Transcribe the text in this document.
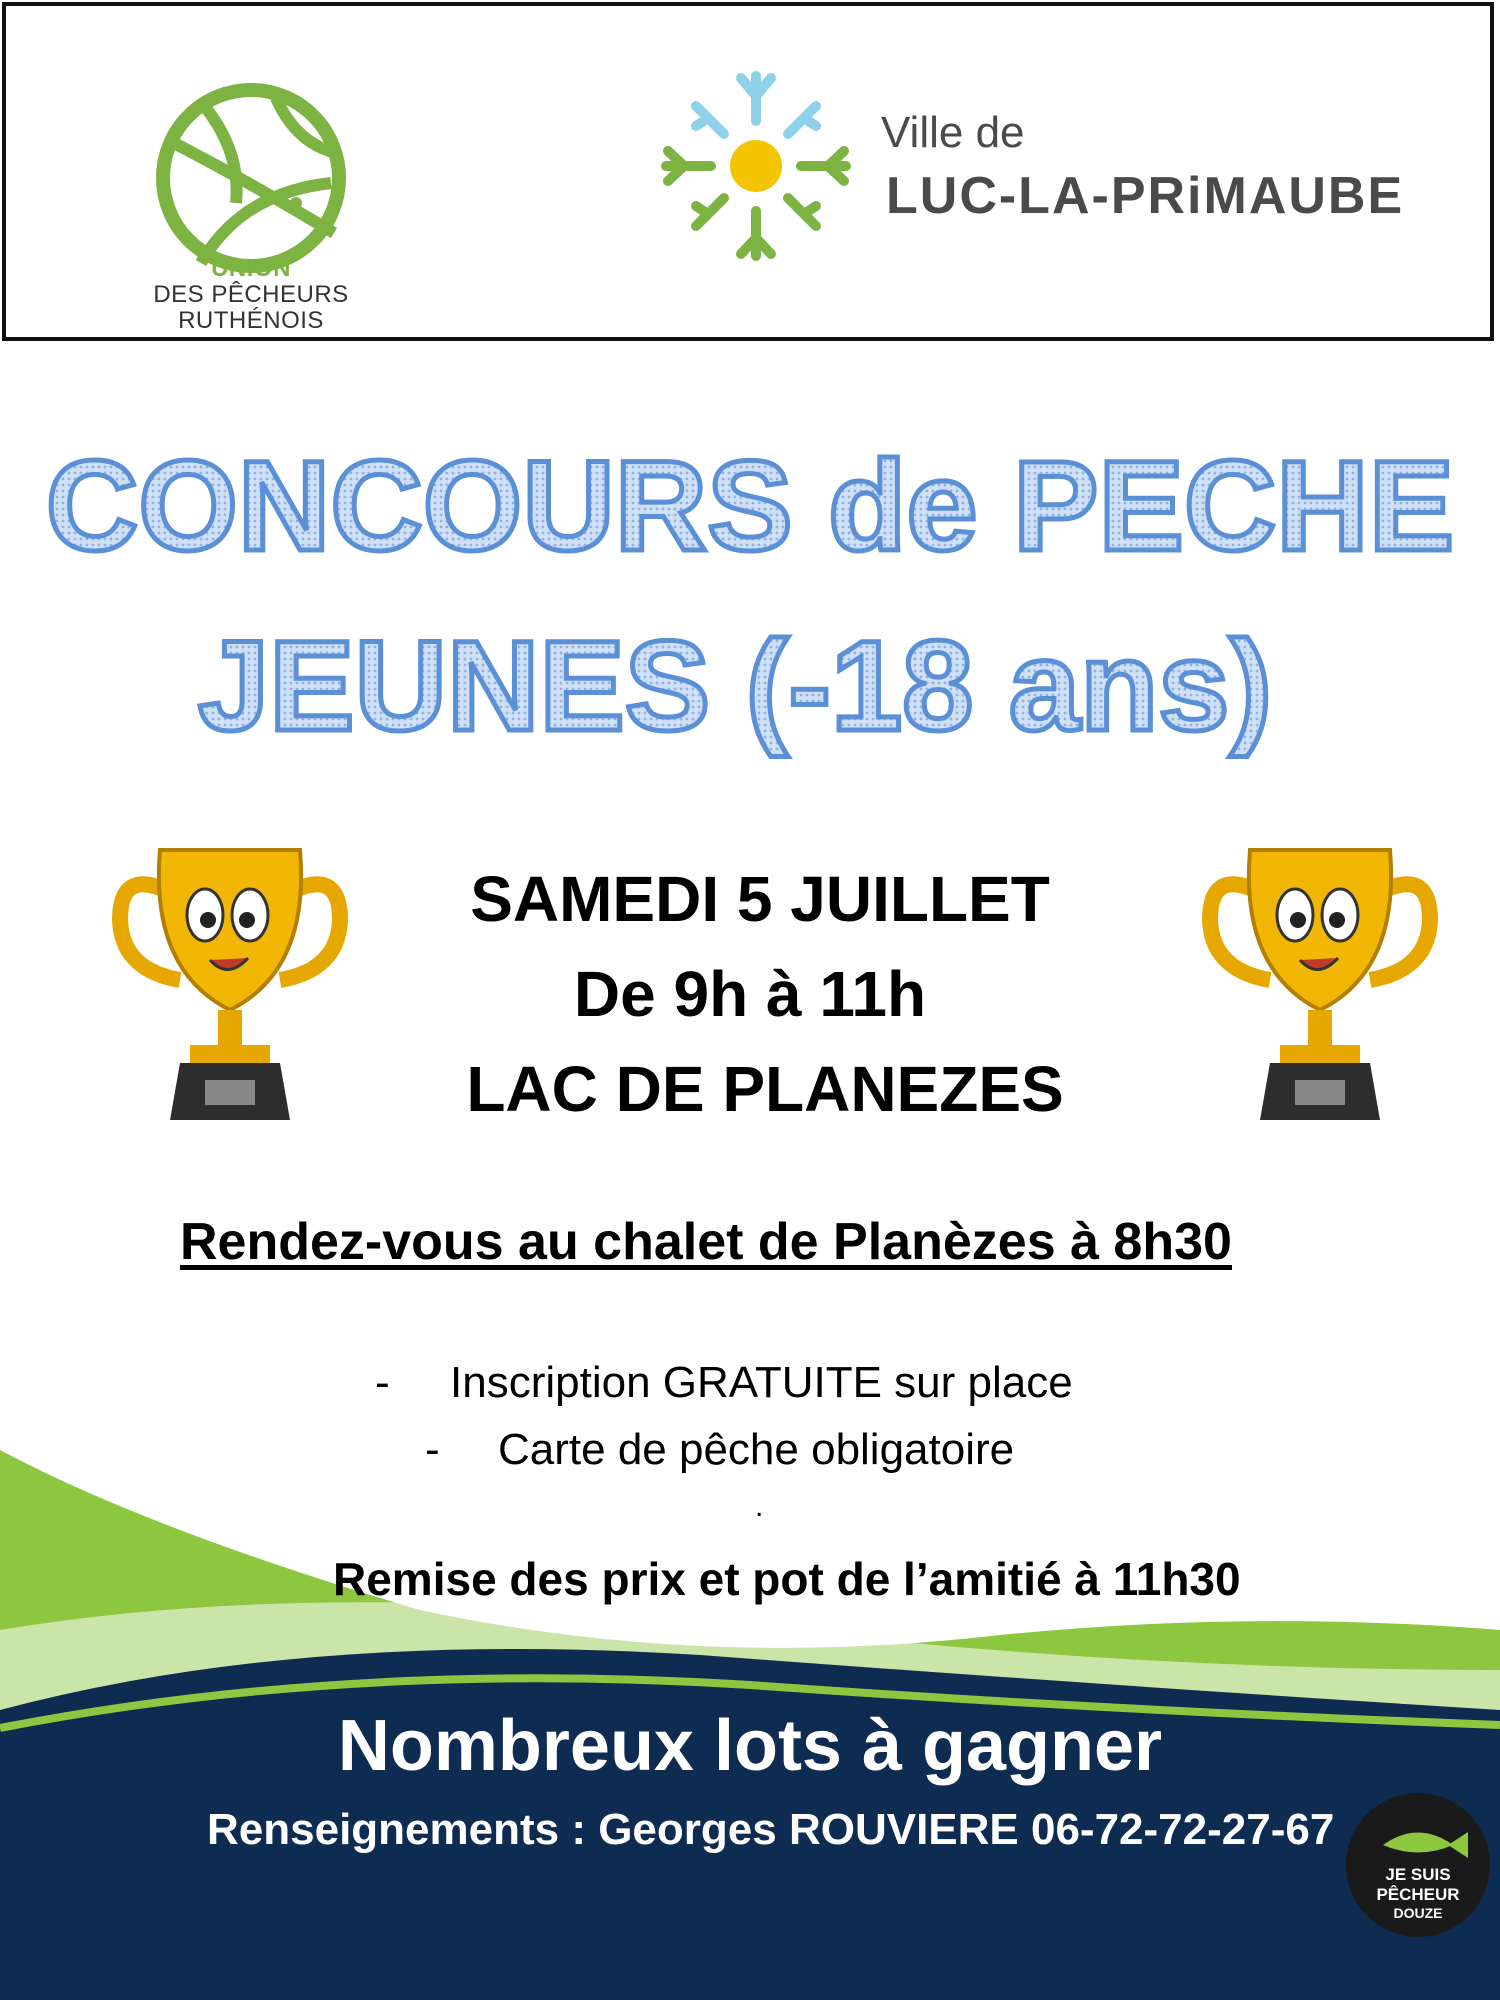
UNION
DES PÊCHEURS
RUTHÉNOIS
Ville de
LUC-LA-PRiMAUBE
CONCOURS de PECHE
JEUNES (-18 ans)
SAMEDI 5 JUILLET
De 9h à 11h
LAC DE PLANEZES
Rendez-vous au chalet de Planèzes à 8h30
- Inscription GRATUITE sur place
- Carte de pêche obligatoire
.
Remise des prix et pot de l’amitié à 11h30
Nombreux lots à gagner
Renseignements : Georges ROUVIERE 06-72-72-27-67
JE SUIS
PÊCHEUR
DOUZE
